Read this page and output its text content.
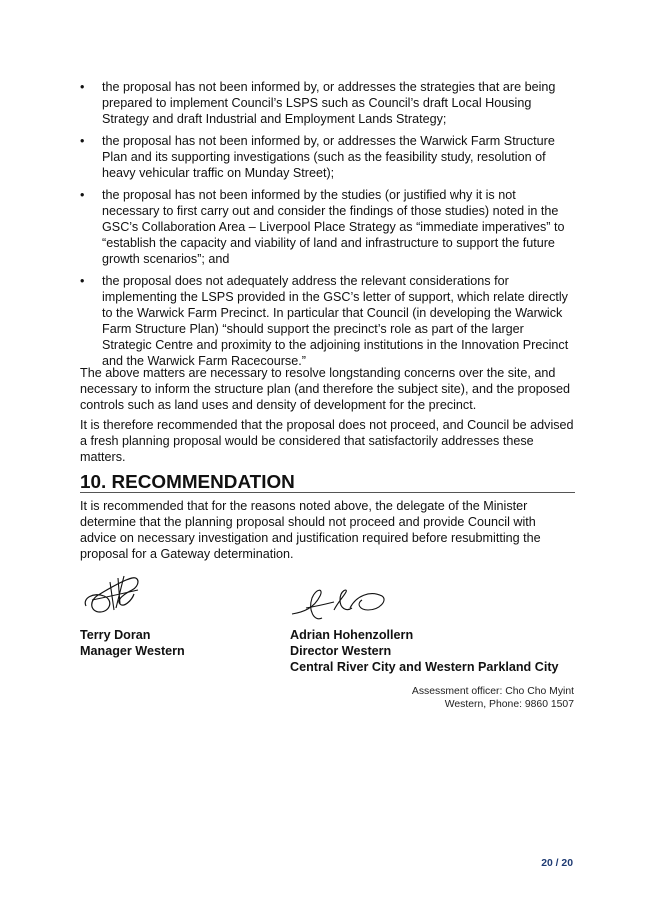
• the proposal has not been informed by, or addresses the strategies that are being prepared to implement Council’s LSPS such as Council’s draft Local Housing Strategy and draft Industrial and Employment Lands Strategy;
• the proposal has not been informed by, or addresses the Warwick Farm Structure Plan and its supporting investigations (such as the feasibility study, resolution of heavy vehicular traffic on Munday Street);
• the proposal has not been informed by the studies (or justified why it is not necessary to first carry out and consider the findings of those studies) noted in the GSC’s Collaboration Area – Liverpool Place Strategy as “immediate imperatives” to “establish the capacity and viability of land and infrastructure to support the future growth scenarios”; and
• the proposal does not adequately address the relevant considerations for implementing the LSPS provided in the GSC’s letter of support, which relate directly to the Warwick Farm Precinct. In particular that Council (in developing the Warwick Farm Structure Plan) “should support the precinct’s role as part of the larger Strategic Centre and proximity to the adjoining institutions in the Innovation Precinct and the Warwick Farm Racecourse.”

The above matters are necessary to resolve longstanding concerns over the site, and necessary to inform the structure plan (and therefore the subject site), and the proposed controls such as land uses and density of development for the precinct.

It is therefore recommended that the proposal does not proceed, and Council be advised a fresh planning proposal would be considered that satisfactorily addresses these matters.

10. RECOMMENDATION

It is recommended that for the reasons noted above, the delegate of the Minister determine that the planning proposal should not proceed and provide Council with advice on necessary investigation and justification required before resubmitting the proposal for a Gateway determination.

Terry Doran
Manager Western
Adrian Hohenzollern
Director Western
Central River City and Western Parkland City
Assessment officer: Cho Cho Myint
Western, Phone: 9860 1507
20 / 20
